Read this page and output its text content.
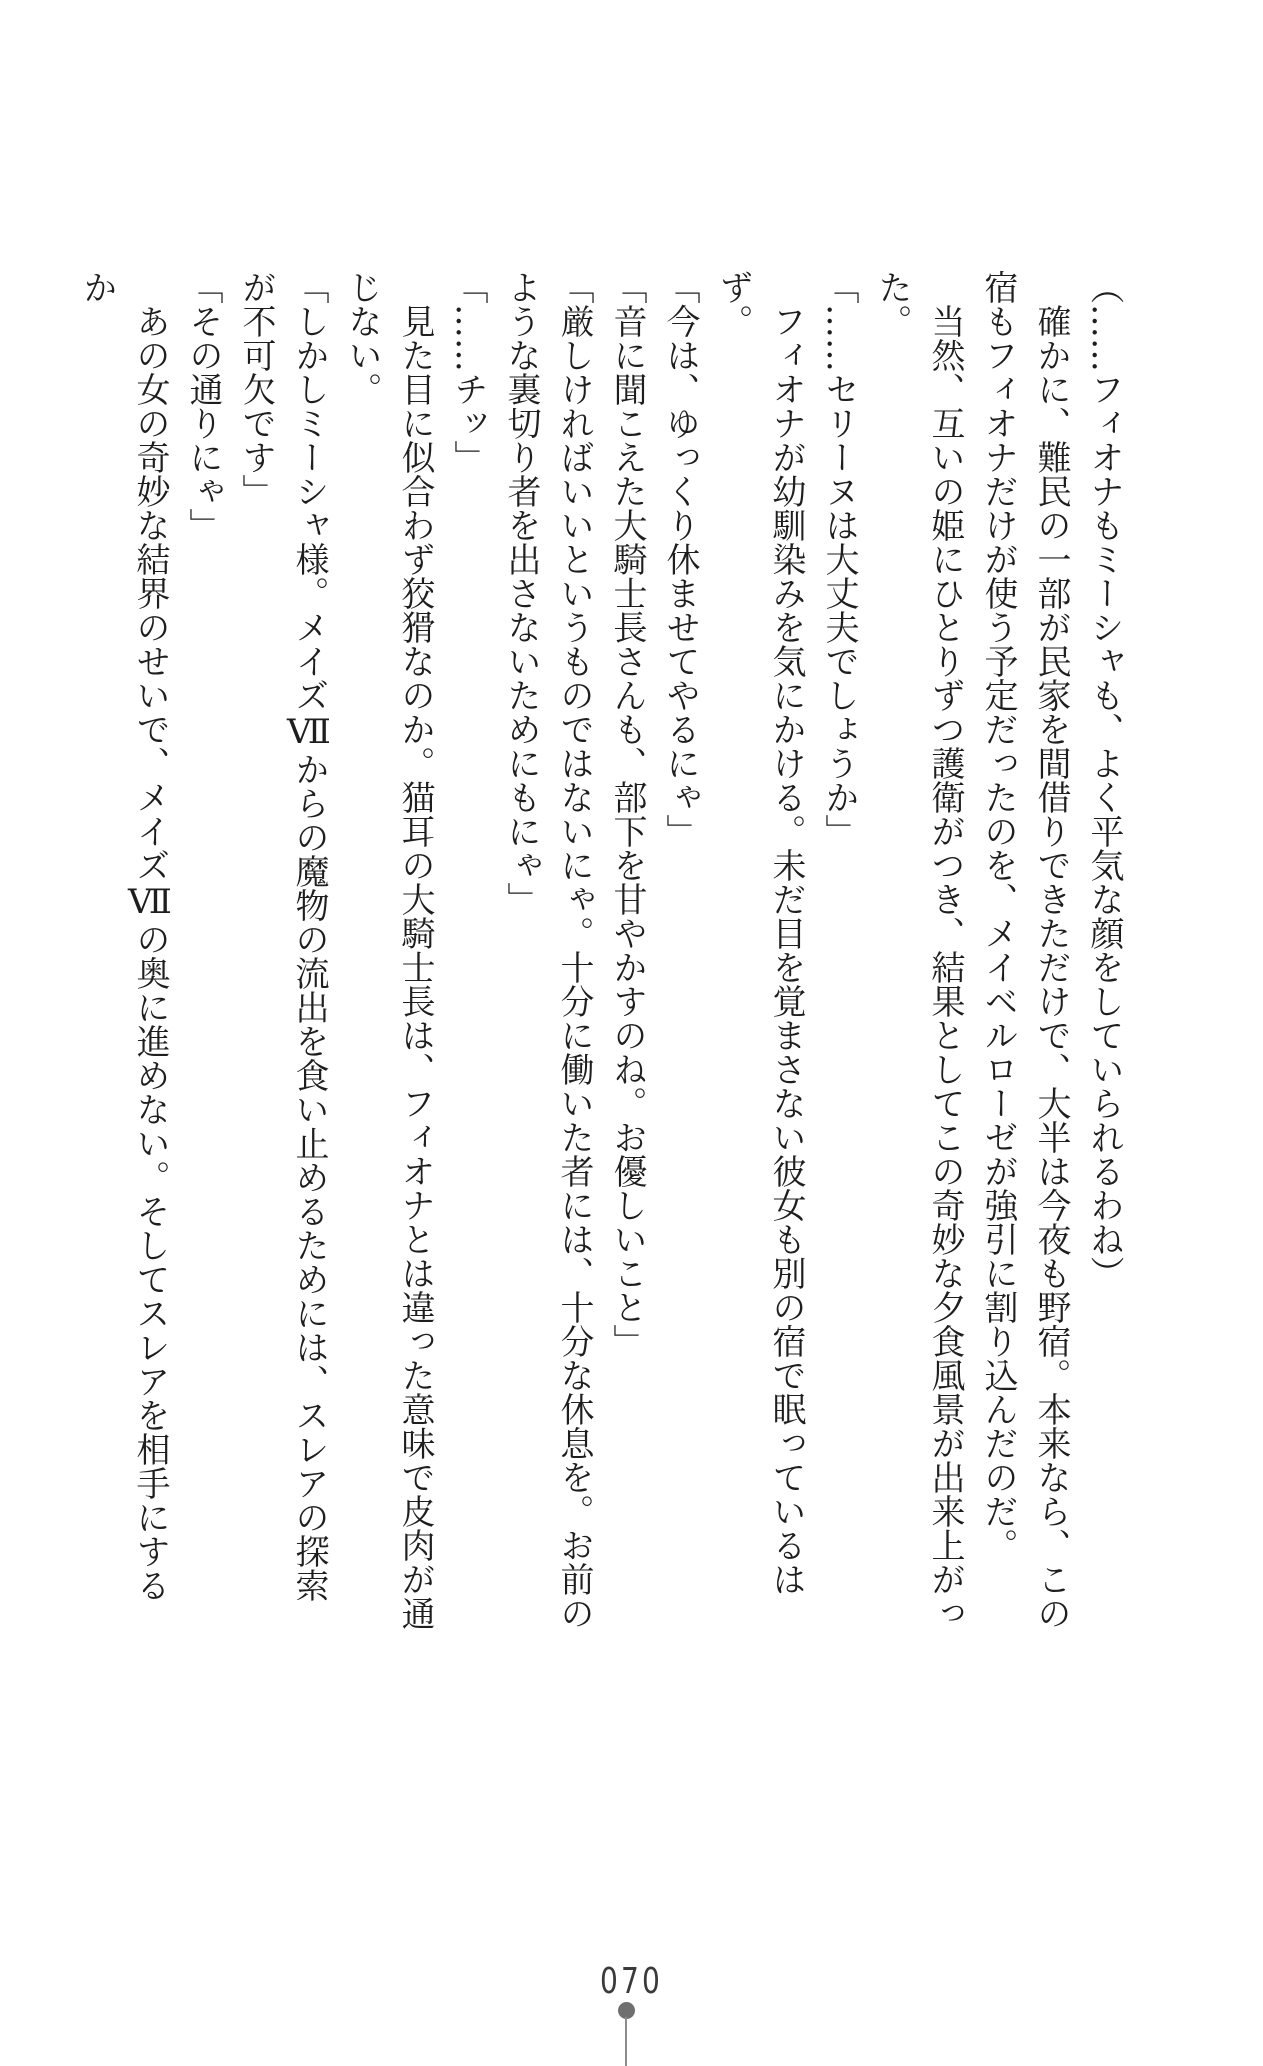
（……フィオナもミーシャも、よく平気な顔をしていられるわね）

確かに、難民の一部が民家を間借りできただけで、大半は今夜も野宿。本来なら、この宿もフィオナだけが使う予定だったのを、メイベルローゼが強引に割り込んだのだ。

当然、互いの姫にひとりずつ護衛がつき、結果としてこの奇妙な夕食風景が出来上がった。

「……セリーヌは大丈夫でしょうか」

フィオナが幼馴染みを気にかける。未だ目を覚まさない彼女も別の宿で眠っているはず。

「今は、ゆっくり休ませてやるにゃ」

「音に聞こえた大騎士長さんも、部下を甘やかすのね。お優しいこと」

「厳しければいいというものではないにゃ。十分に働いた者には、十分な休息を。お前のような裏切り者を出さないためにもにゃ」

「……チッ」

見た目に似合わず狡猾なのか。猫耳の大騎士長は、フィオナとは違った意味で皮肉が通じない。

「しかしミーシャ様。メイズⅦからの魔物の流出を食い止めるためには、スレアの探索が不可欠です」

「その通りにゃ」

あの女の奇妙な結界のせいで、メイズⅦの奥に進めない。そしてスレアを相手にするか

070
